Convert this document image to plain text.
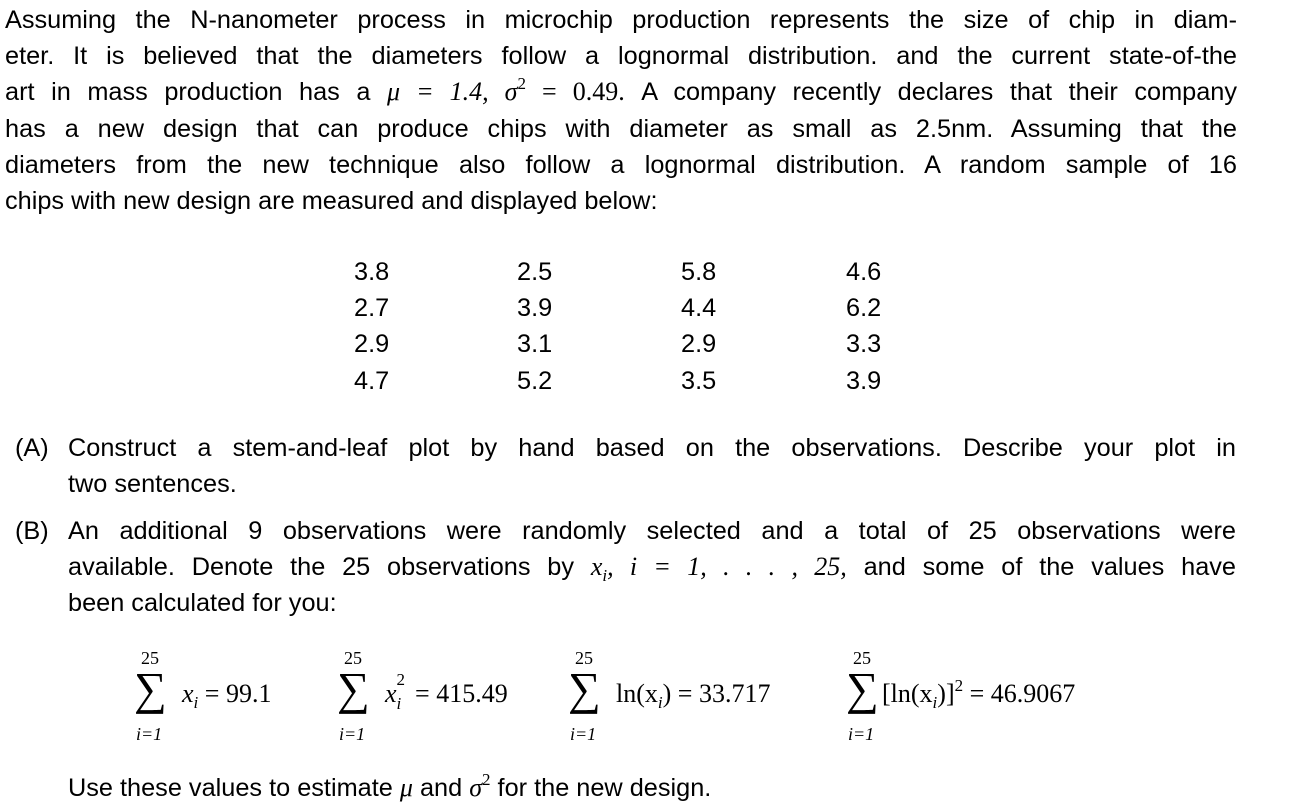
Assuming the N-nanometer process in microchip production represents the size of chip in diam-
eter. It is believed that the diameters follow a lognormal distribution. and the current state-of-the
art in mass production has a μ = 1.4, $\sigma^2 = 0.49$. A company recently declares that their company
has a new design that can produce chips with diameter as small as 2.5nm. Assuming that the
diameters from the new technique also follow a lognormal distribution. A random sample of 16
chips with new design are measured and displayed below:
3.8
2.7
2.9
4.7
2.5
3.9
3.1
5.2
5.8
4.4
2.9
3.5
4.6
6.2
3.3
3.9
(A) Construct a stem-and-leaf plot by hand based on the observations. Describe your plot in
two sentences.
(B) An additional 9 observations were randomly selected and a total of 25 observations were
available. Denote the 25 observations by $x_i$, i = 1, . . . , 25, and some of the values have
been calculated for you:
25
∑
i=1
$x_i = 99.1$
25
∑
i=1
x 2
i = 415.49
25
∑
i=1
$\ln(x_i) = 33.717$
25
∑
i=1
$[\ln(x_i)]^2 = 46.9067$
Use these values to estimate μ and $\sigma^2$ for the new design.
